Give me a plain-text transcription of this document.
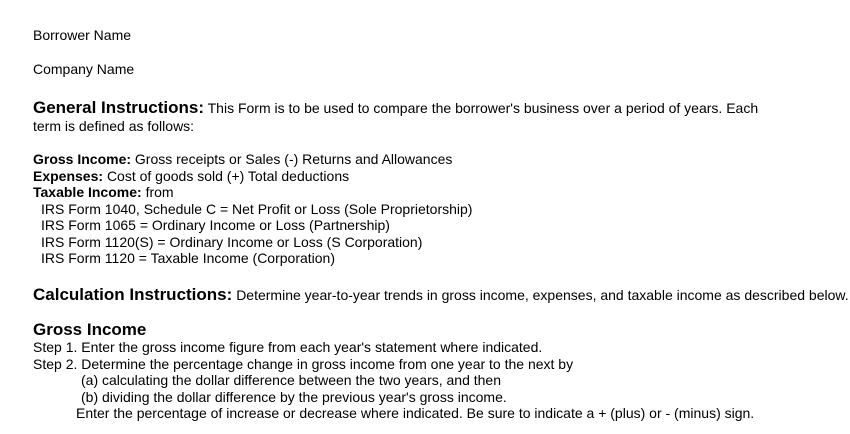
Borrower Name
Company Name
General Instructions: This Form is to be used to compare the borrower's business over a period of years. Each
term is defined as follows:
Gross Income: Gross receipts or Sales (-) Returns and Allowances
Expenses: Cost of goods sold (+) Total deductions
Taxable Income: from
IRS Form 1040, Schedule C = Net Profit or Loss (Sole Proprietorship)
IRS Form 1065 = Ordinary Income or Loss (Partnership)
IRS Form 1120(S) = Ordinary Income or Loss (S Corporation)
IRS Form 1120 = Taxable Income (Corporation)
Calculation Instructions: Determine year-to-year trends in gross income, expenses, and taxable income as described below.
Gross Income
Step 1. Enter the gross income figure from each year's statement where indicated.
Step 2. Determine the percentage change in gross income from one year to the next by
(a) calculating the dollar difference between the two years, and then
(b) dividing the dollar difference by the previous year's gross income.
Enter the percentage of increase or decrease where indicated. Be sure to indicate a + (plus) or - (minus) sign.
